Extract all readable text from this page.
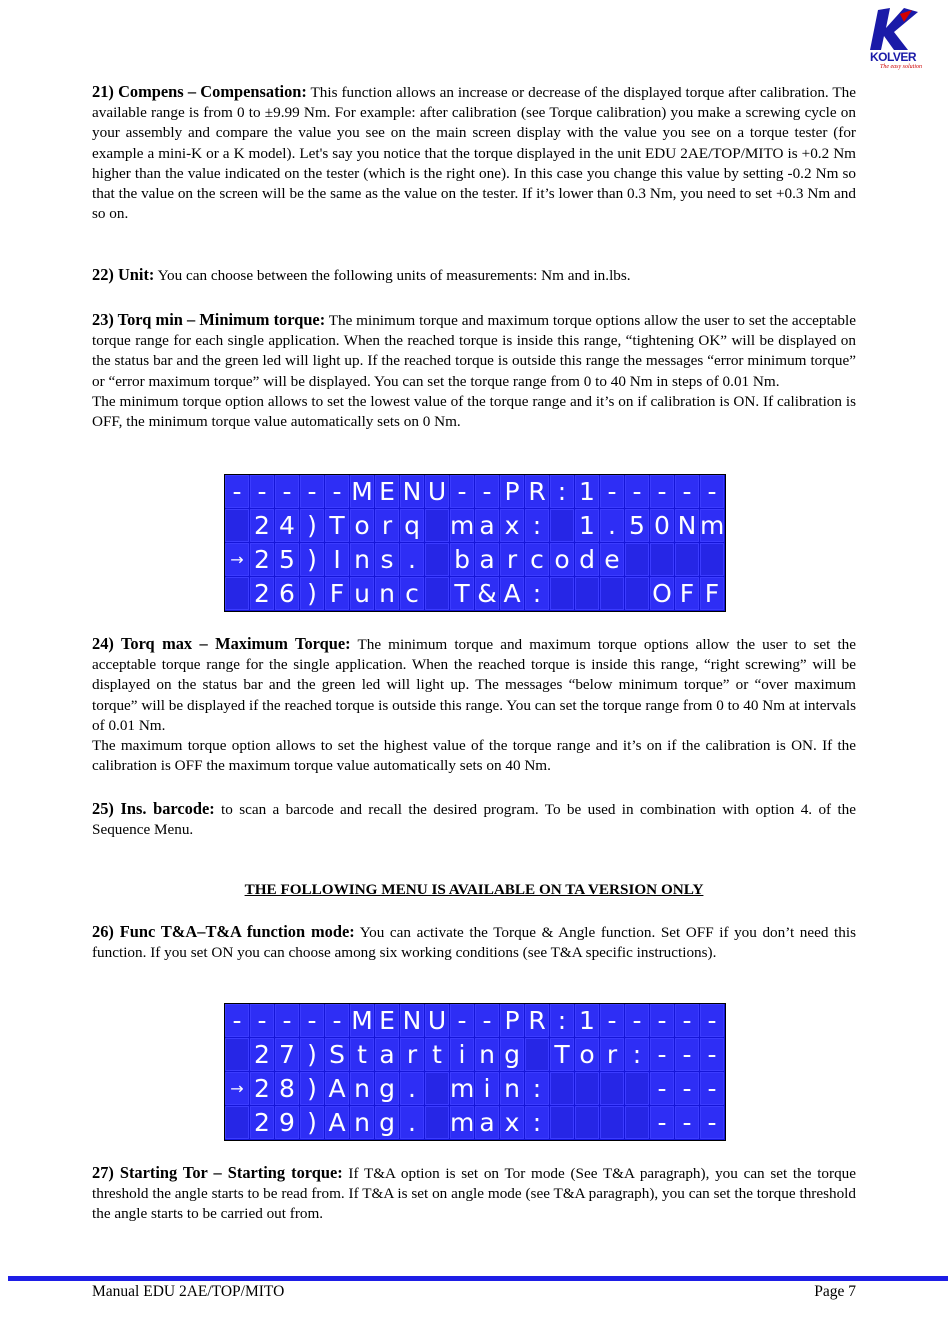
KOLVER
The easy solution

21) Compens – Compensation: This function allows an increase or decrease of the displayed torque after calibration. The available range is from 0 to ±9.99 Nm. For example: after calibration (see Torque calibration) you make a screwing cycle on your assembly and compare the value you see on the main screen display with the value you see on a torque tester (for example a mini-K or a K model). Let's say you notice that the torque displayed in the unit EDU 2AE/TOP/MITO is +0.2 Nm higher than the value indicated on the tester (which is the right one). In this case you change this value by setting -0.2 Nm so that the value on the screen will be the same as the value on the tester. If it’s lower than 0.3 Nm, you need to set +0.3 Nm and so on.

22) Unit: You can choose between the following units of measurements: Nm and in.lbs.

23) Torq min – Minimum torque: The minimum torque and maximum torque options allow the user to set the acceptable torque range for each single application. When the reached torque is inside this range, “tightening OK” will be displayed on the status bar and the green led will light up. If the reached torque is outside this range the messages “error minimum torque” or “error maximum torque” will be displayed. You can set the torque range from 0 to 40 Nm in steps of 0.01 Nm.
The minimum torque option allows to set the lowest value of the torque range and it’s on if calibration is ON. If calibration is OFF, the minimum torque value automatically sets on 0 Nm.

- - - - - M E N U - - P R : 1 - - - - -
2 4 ) T o r q m a x :	1 . 5 0 N m
→ 2 5 ) I n s .	b a r c o d e
2 6 ) F u n c T & A :	O F F

24) Torq max – Maximum Torque: The minimum torque and maximum torque options allow the user to set the acceptable torque range for the single application. When the reached torque is inside this range, “right screwing” will be displayed on the status bar and the green led will light up. The messages “below minimum torque” or “over maximum torque” will be displayed if the reached torque is outside this range. You can set the torque range from 0 to 40 Nm at intervals of 0.01 Nm.
The maximum torque option allows to set the highest value of the torque range and it’s on if the calibration is ON. If the calibration is OFF the maximum torque value automatically sets on 40 Nm.

25) Ins. barcode: to scan a barcode and recall the desired program. To be used in combination with option 4. of the Sequence Menu.

THE FOLLOWING MENU IS AVAILABLE ON TA VERSION ONLY

26) Func T&A–T&A function mode: You can activate the Torque & Angle function. Set OFF if you don’t need this function. If you set ON you can choose among six working conditions (see T&A specific instructions).

- - - - - M E N U - - P R : 1 - - - - -
2 7 ) S t a r t i n g T o r : - - -
→ 2 8 ) A n g .	m i n :	- - -
2 9 ) A n g .	m a x :	- - -

27) Starting Tor – Starting torque: If T&A option is set on Tor mode (See T&A paragraph), you can set the torque threshold the angle starts to be read from. If T&A is set on angle mode (see T&A paragraph), you can set the torque threshold the angle starts to be carried out from.

Manual EDU 2AE/TOP/MITO	Page 7
